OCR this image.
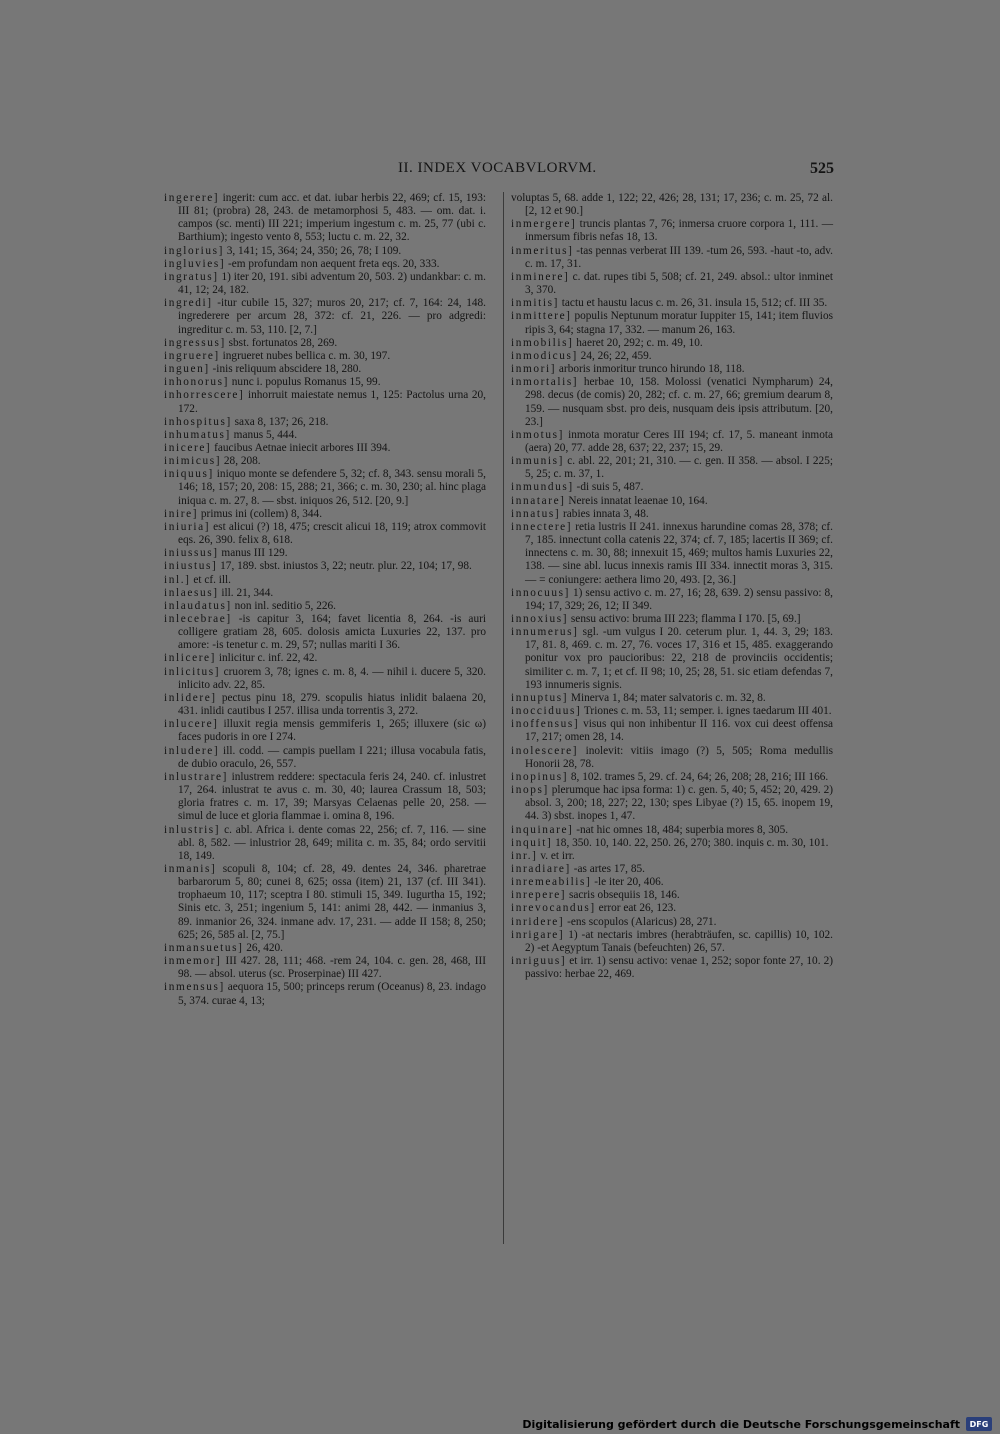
II. INDEX VOCABVLORVM.	525

ingerere] ingerit: cum acc. et dat. iubar herbis 22, 469; cf. 15, 193: III 81; (probra) 28, 243. de metamorphosi 5, 483. — om. dat. i. campos (sc. menti) III 221; imperium ingestum c. m. 25, 77 (ubi c. Barthium); ingesto vento 8, 553; luctu c. m. 22, 32.

inglorius] 3, 141; 15, 364; 24, 350; 26, 78; I 109.

ingluvies] -em profundam non aequent freta eqs. 20, 333.

ingratus] 1) iter 20, 191. sibi adventum 20, 503. 2) undankbar: c. m. 41, 12; 24, 182.

ingredi] -itur cubile 15, 327; muros 20, 217; cf. 7, 164: 24, 148. ingrederere per arcum 28, 372: cf. 21, 226. — pro adgredi: ingreditur c. m. 53, 110. [2, 7.]

ingressus] sbst. fortunatos 28, 269.

ingruere] ingrueret nubes bellica c. m. 30, 197.

inguen] -inis reliquum abscidere 18, 280.

inhonorus] nunc i. populus Romanus 15, 99.

inhorrescere] inhorruit maiestate nemus 1, 125: Pactolus urna 20, 172.

inhospitus] saxa 8, 137; 26, 218.

inhumatus] manus 5, 444.

inicere] faucibus Aetnae iniecit arbores III 394.

inimicus] 28, 208.

iniquus] iniquo monte se defendere 5, 32; cf. 8, 343. sensu morali 5, 146; 18, 157; 20, 208: 15, 288; 21, 366; c. m. 30, 230; al. hinc plaga iniqua c. m. 27, 8. — sbst. iniquos 26, 512. [20, 9.]

inire] primus ini (collem) 8, 344.

iniuria] est alicui (?) 18, 475; crescit alicui 18, 119; atrox commovit eqs. 26, 390. felix 8, 618.

iniussus] manus III 129.

iniustus] 17, 189. sbst. iniustos 3, 22; neutr. plur. 22, 104; 17, 98.

inl.] et cf. ill.

inlaesus] ill. 21, 344.

inlaudatus] non inl. seditio 5, 226.

inlecebrae] -is capitur 3, 164; favet licentia 8, 264. -is auri colligere gratiam 28, 605. dolosis amicta Luxuries 22, 137. pro amore: -is tenetur c. m. 29, 57; nullas mariti I 36.

inlicere] inlicitur c. inf. 22, 42.

inlicitus] cruorem 3, 78; ignes c. m. 8, 4. — nihil i. ducere 5, 320. inlicito adv. 22, 85.

inlidere] pectus pinu 18, 279. scopulis hiatus inlidit balaena 20, 431. inlidi cautibus I 257. illisa unda torrentis 3, 272.

inlucere] illuxit regia mensis gemmiferis 1, 265; illuxere (sic ω) faces pudoris in ore I 274.

inludere] ill. codd. — campis puellam I 221; illusa vocabula fatis, de dubio oraculo, 26, 557.

inlustrare] inlustrem reddere: spectacula feris 24, 240. cf. inlustret 17, 264. inlustrat te avus c. m. 30, 40; laurea Crassum 18, 503; gloria fratres c. m. 17, 39; Marsyas Celaenas pelle 20, 258. — simul de luce et gloria flammae i. omina 8, 196.

inlustris] c. abl. Africa i. dente comas 22, 256; cf. 7, 116. — sine abl. 8, 582. — inlustrior 28, 649; milita c. m. 35, 84; ordo servitii 18, 149.

inmanis] scopuli 8, 104; cf. 28, 49. dentes 24, 346. pharetrae barbarorum 5, 80; cunei 8, 625; ossa (item) 21, 137 (cf. III 341). trophaeum 10, 117; sceptra I 80. stimuli 15, 349. Iugurtha 15, 192; Sinis etc. 3, 251; ingenium 5, 141: animi 28, 442. — inmanius 3, 89. inmanior 26, 324. inmane adv. 17, 231. — adde II 158; 8, 250; 625; 26, 585 al. [2, 75.]

inmansuetus] 26, 420.

inmemor] III 427. 28, 111; 468. -rem 24, 104. c. gen. 28, 468, III 98. — absol. uterus (sc. Proserpinae) III 427.

inmensus] aequora 15, 500; princeps rerum (Oceanus) 8, 23. indago 5, 374. curae 4, 13;

voluptas 5, 68. adde 1, 122; 22, 426; 28, 131; 17, 236; c. m. 25, 72 al. [2, 12 et 90.]

inmergere] truncis plantas 7, 76; inmersa cruore corpora 1, 111. — inmersum fibris nefas 18, 13.

inmeritus] -tas pennas verberat III 139. -tum 26, 593. -haut -to, adv. c. m. 17, 31.

inminere] c. dat. rupes tibi 5, 508; cf. 21, 249. absol.: ultor inminet 3, 370.

inmitis] tactu et haustu lacus c. m. 26, 31. insula 15, 512; cf. III 35.

inmittere] populis Neptunum moratur Iuppiter 15, 141; item fluvios ripis 3, 64; stagna 17, 332. — manum 26, 163.

inmobilis] haeret 20, 292; c. m. 49, 10.

inmodicus] 24, 26; 22, 459.

inmori] arboris inmoritur trunco hirundo 18, 118.

inmortalis] herbae 10, 158. Molossi (venatici Nympharum) 24, 298. decus (de comis) 20, 282; cf. c. m. 27, 66; gremium dearum 8, 159. — nusquam sbst. pro deis, nusquam deis ipsis attributum. [20, 23.]

inmotus] inmota moratur Ceres III 194; cf. 17, 5. maneant inmota (aera) 20, 77. adde 28, 637; 22, 237; 15, 29.

inmunis] c. abl. 22, 201; 21, 310. — c. gen. II 358. — absol. I 225; 5, 25; c. m. 37, 1.

inmundus] -di suis 5, 487.

innatare] Nereis innatat leaenae 10, 164.

innatus] rabies innata 3, 48.

innectere] retia lustris II 241. innexus harundine comas 28, 378; cf. 7, 185. innectunt colla catenis 22, 374; cf. 7, 185; lacertis II 369; cf. innectens c. m. 30, 88; innexuit 15, 469; multos hamis Luxuries 22, 138. — sine abl. lucus innexis ramis III 334. innectit moras 3, 315. — = coniungere: aethera limo 20, 493. [2, 36.]

innocuus] 1) sensu activo c. m. 27, 16; 28, 639. 2) sensu passivo: 8, 194; 17, 329; 26, 12; II 349.

innoxius] sensu activo: bruma III 223; flamma I 170. [5, 69.]

innumerus] sgl. -um vulgus I 20. ceterum plur. 1, 44. 3, 29; 183. 17, 81. 8, 469. c. m. 27, 76. voces 17, 316 et 15, 485. exaggerando ponitur vox pro paucioribus: 22, 218 de provinciis occidentis; similiter c. m. 7, 1; et cf. II 98; 10, 25; 28, 51. sic etiam defendas 7, 193 innumeris signis.

innuptus] Minerva 1, 84; mater salvatoris c. m. 32, 8.

inocciduus] Triones c. m. 53, 11; semper. i. ignes taedarum III 401.

inoffensus] visus qui non inhibentur II 116. vox cui deest offensa 17, 217; omen 28, 14.

inolescere] inolevit: vitiis imago (?) 5, 505; Roma medullis Honorii 28, 78.

inopinus] 8, 102. trames 5, 29. cf. 24, 64; 26, 208; 28, 216; III 166.

inops] plerumque hac ipsa forma: 1) c. gen. 5, 40; 5, 452; 20, 429. 2) absol. 3, 200; 18, 227; 22, 130; spes Libyae (?) 15, 65. inopem 19, 44. 3) sbst. inopes 1, 47.

inquinare] -nat hic omnes 18, 484; superbia mores 8, 305.

inquit] 18, 350. 10, 140. 22, 250. 26, 270; 380. inquis c. m. 30, 101.

inr.] v. et irr.

inradiare] -as artes 17, 85.

inremeabilis] -le iter 20, 406.

inrepere] sacris obsequiis 18, 146.

inrevocandus] error eat 26, 123.

inridere] -ens scopulos (Alaricus) 28, 271.

inrigare] 1) -at nectaris imbres (herabträufen, sc. capillis) 10, 102. 2) -et Aegyptum Tanais (befeuchten) 26, 57.

inriguus] et irr. 1) sensu activo: venae 1, 252; sopor fonte 27, 10. 2) passivo: herbae 22, 469.

Digitalisierung gefördert durch die Deutsche Forschungsgemeinschaft	DFG
